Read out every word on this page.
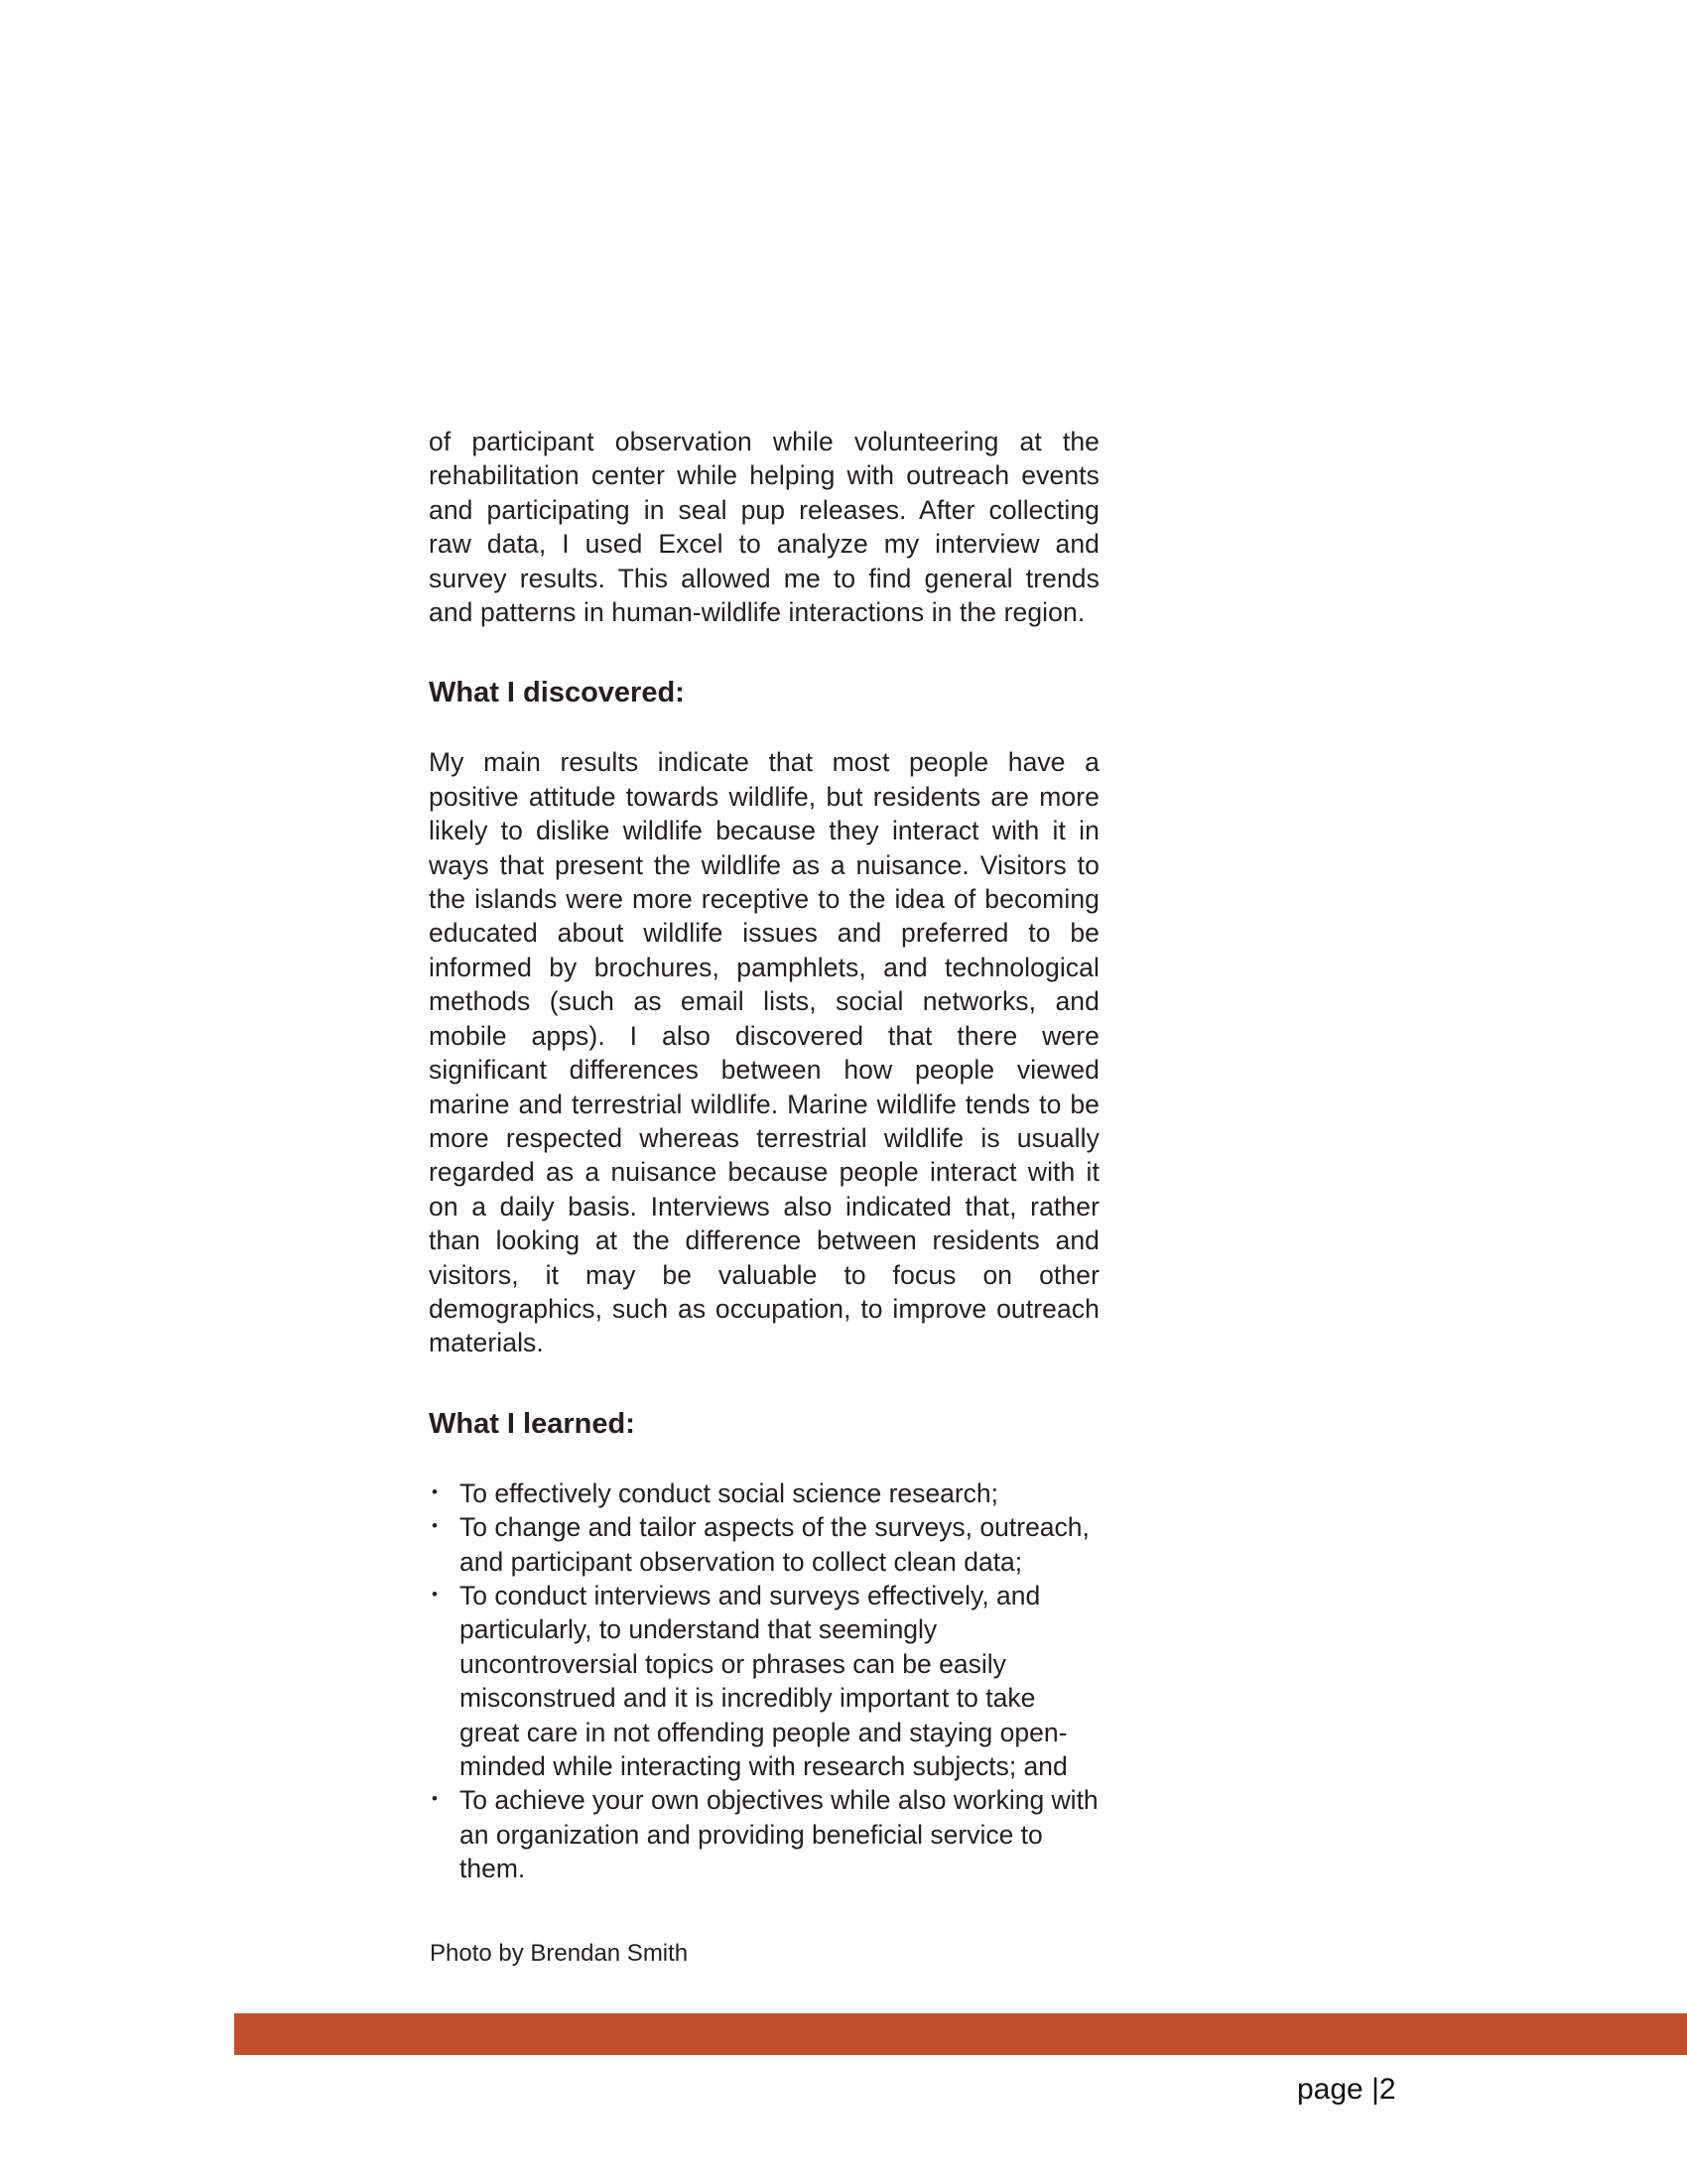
of participant observation while volunteering at the rehabilitation center while helping with outreach events and participating in seal pup releases. After collecting raw data, I used Excel to analyze my interview and survey results. This allowed me to find general trends and patterns in human-wildlife interactions in the region.

What I discovered:

My main results indicate that most people have a positive attitude towards wildlife, but residents are more likely to dislike wildlife because they interact with it in ways that present the wildlife as a nuisance. Visitors to the islands were more receptive to the idea of becoming educated about wildlife issues and preferred to be informed by brochures, pamphlets, and technological methods (such as email lists, social networks, and mobile apps). I also discovered that there were significant differences between how people viewed marine and terrestrial wildlife. Marine wildlife tends to be more respected whereas terrestrial wildlife is usually regarded as a nuisance because people interact with it on a daily basis. Interviews also indicated that, rather than looking at the difference between residents and visitors, it may be valuable to focus on other demographics, such as occupation, to improve outreach materials.

What I learned:
• To effectively conduct social science research;
• To change and tailor aspects of the surveys, outreach, and participant observation to collect clean data;
• To conduct interviews and surveys effectively, and particularly, to understand that seemingly uncontroversial topics or phrases can be easily misconstrued and it is incredibly important to take great care in not offending people and staying open-minded while interacting with research subjects; and
• To achieve your own objectives while also working with an organization and providing beneficial service to them.
Photo by Brendan Smith
page |2
